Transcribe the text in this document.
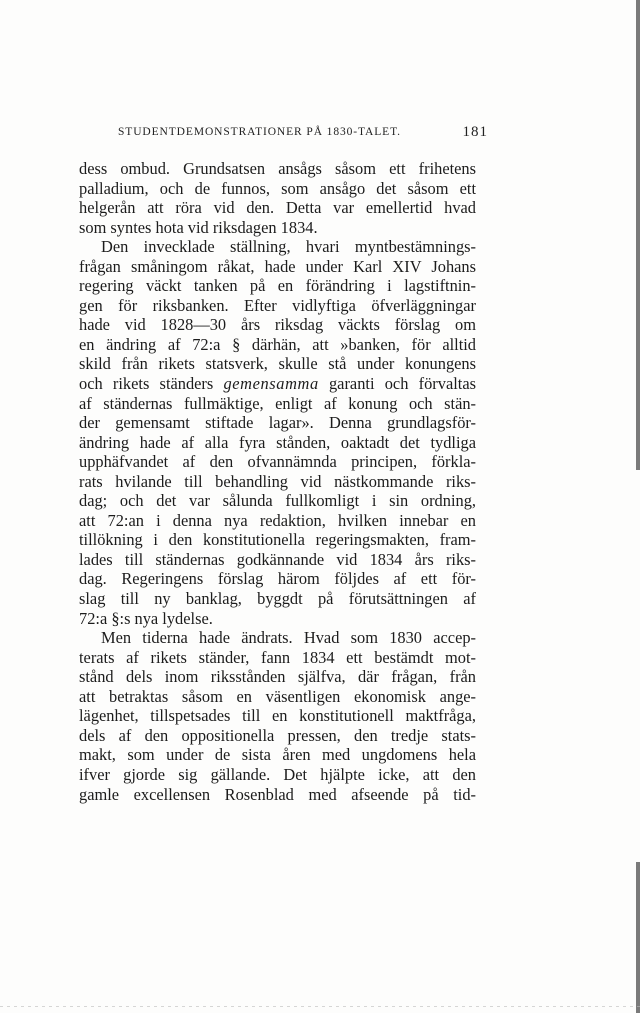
STUDENTDEMONSTRATIONER PÅ 1830-TALET.	181
dess ombud. Grundsatsen ansågs såsom ett frihetens
palladium, och de funnos, som ansågo det såsom ett
helgerån att röra vid den. Detta var emellertid hvad
som syntes hota vid riksdagen 1834.
Den invecklade ställning, hvari myntbestämnings-
frågan småningom råkat, hade under Karl XIV Johans
regering väckt tanken på en förändring i lagstiftnin-
gen för riksbanken. Efter vidlyftiga öfverläggningar
hade vid 1828—30 års riksdag väckts förslag om
en ändring af 72:a § därhän, att »banken, för alltid
skild från rikets statsverk, skulle stå under konungens
och rikets ständers gemensamma garanti och förvaltas
af ständernas fullmäktige, enligt af konung och stän-
der gemensamt stiftade lagar». Denna grundlagsför-
ändring hade af alla fyra stånden, oaktadt det tydliga
upphäfvandet af den ofvannämnda principen, förkla-
rats hvilande till behandling vid nästkommande riks-
dag; och det var sålunda fullkomligt i sin ordning,
att 72:an i denna nya redaktion, hvilken innebar en
tillökning i den konstitutionella regeringsmakten, fram-
lades till ständernas godkännande vid 1834 års riks-
dag. Regeringens förslag härom följdes af ett för-
slag till ny banklag, byggdt på förutsättningen af
72:a §:s nya lydelse.
Men tiderna hade ändrats. Hvad som 1830 accep-
terats af rikets ständer, fann 1834 ett bestämdt mot-
stånd dels inom riksstånden själfva, där frågan, från
att betraktas såsom en väsentligen ekonomisk ange-
lägenhet, tillspetsades till en konstitutionell maktfråga,
dels af den oppositionella pressen, den tredje stats-
makt, som under de sista åren med ungdomens hela
ifver gjorde sig gällande. Det hjälpte icke, att den
gamle excellensen Rosenblad med afseende på tid-
